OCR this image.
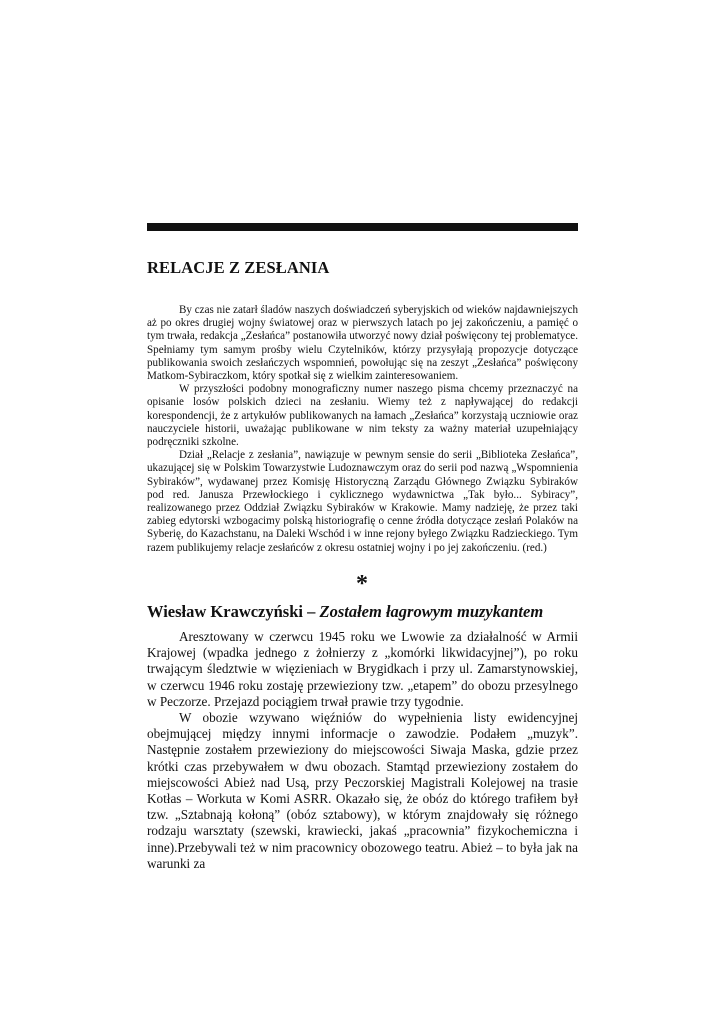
RELACJE Z ZESŁANIA

By czas nie zatarł śladów naszych doświadczeń syberyjskich od wieków najdawniejszych aż po okres drugiej wojny światowej oraz w pierwszych latach po jej zakończeniu, a pamięć o tym trwała, redakcja „Zesłańca” postanowiła utworzyć nowy dział poświęcony tej problematyce. Spełniamy tym samym prośby wielu Czytelników, którzy przysyłają propozycje dotyczące publikowania swoich zesłańczych wspomnień, powołując się na zeszyt „Zesłańca” poświęcony Matkom-Sybiraczkom, który spotkał się z wielkim zainteresowaniem.

W przyszłości podobny monograficzny numer naszego pisma chcemy przeznaczyć na opisanie losów polskich dzieci na zesłaniu. Wiemy też z napływającej do redakcji korespondencji, że z artykułów publikowanych na łamach „Zesłańca” korzystają uczniowie oraz nauczyciele historii, uważając publikowane w nim teksty za ważny materiał uzupełniający podręczniki szkolne.

Dział „Relacje z zesłania”, nawiązuje w pewnym sensie do serii „Biblioteka Zesłańca”, ukazującej się w Polskim Towarzystwie Ludoznawczym oraz do serii pod nazwą „Wspomnienia Sybiraków”, wydawanej przez Komisję Historyczną Zarządu Głównego Związku Sybiraków pod red. Janusza Przewłockiego i cyklicznego wydawnictwa „Tak było... Sybiracy”, realizowanego przez Oddział Związku Sybiraków w Krakowie. Mamy nadzieję, że przez taki zabieg edytorski wzbogacimy polską historiografię o cenne źródła dotyczące zesłań Polaków na Syberię, do Kazachstanu, na Daleki Wschód i w inne rejony byłego Związku Radzieckiego. Tym razem publikujemy relacje zesłańców z okresu ostatniej wojny i po jej zakończeniu. (red.)

*
Wiesław Krawczyński – Zostałem łagrowym muzykantem

Aresztowany w czerwcu 1945 roku we Lwowie za działalność w Armii Krajowej (wpadka jednego z żołnierzy z „komórki likwidacyjnej”), po roku trwającym śledztwie w więzieniach w Brygidkach i przy ul. Zamarstynowskiej, w czerwcu 1946 roku zostaję przewieziony tzw. „etapem” do obozu przesylnego w Peczorze. Przejazd pociągiem trwał prawie trzy tygodnie.

W obozie wzywano więźniów do wypełnienia listy ewidencyjnej obejmującej między innymi informacje o zawodzie. Podałem „muzyk”. Następnie zostałem przewieziony do miejscowości Siwaja Maska, gdzie przez krótki czas przebywałem w dwu obozach. Stamtąd przewieziony zostałem do miejscowości Abież nad Usą, przy Peczorskiej Magistrali Kolejowej na trasie Kotłas – Workuta w Komi ASRR. Okazało się, że obóz do którego trafiłem był tzw. „Sztabnają kołoną” (obóz sztabowy), w którym znajdowały się różnego rodzaju warsztaty (szewski, krawiecki, jakaś „pracownia” fizykochemiczna i inne).Przebywali też w nim pracownicy obozowego teatru. Abież – to była jak na warunki za
